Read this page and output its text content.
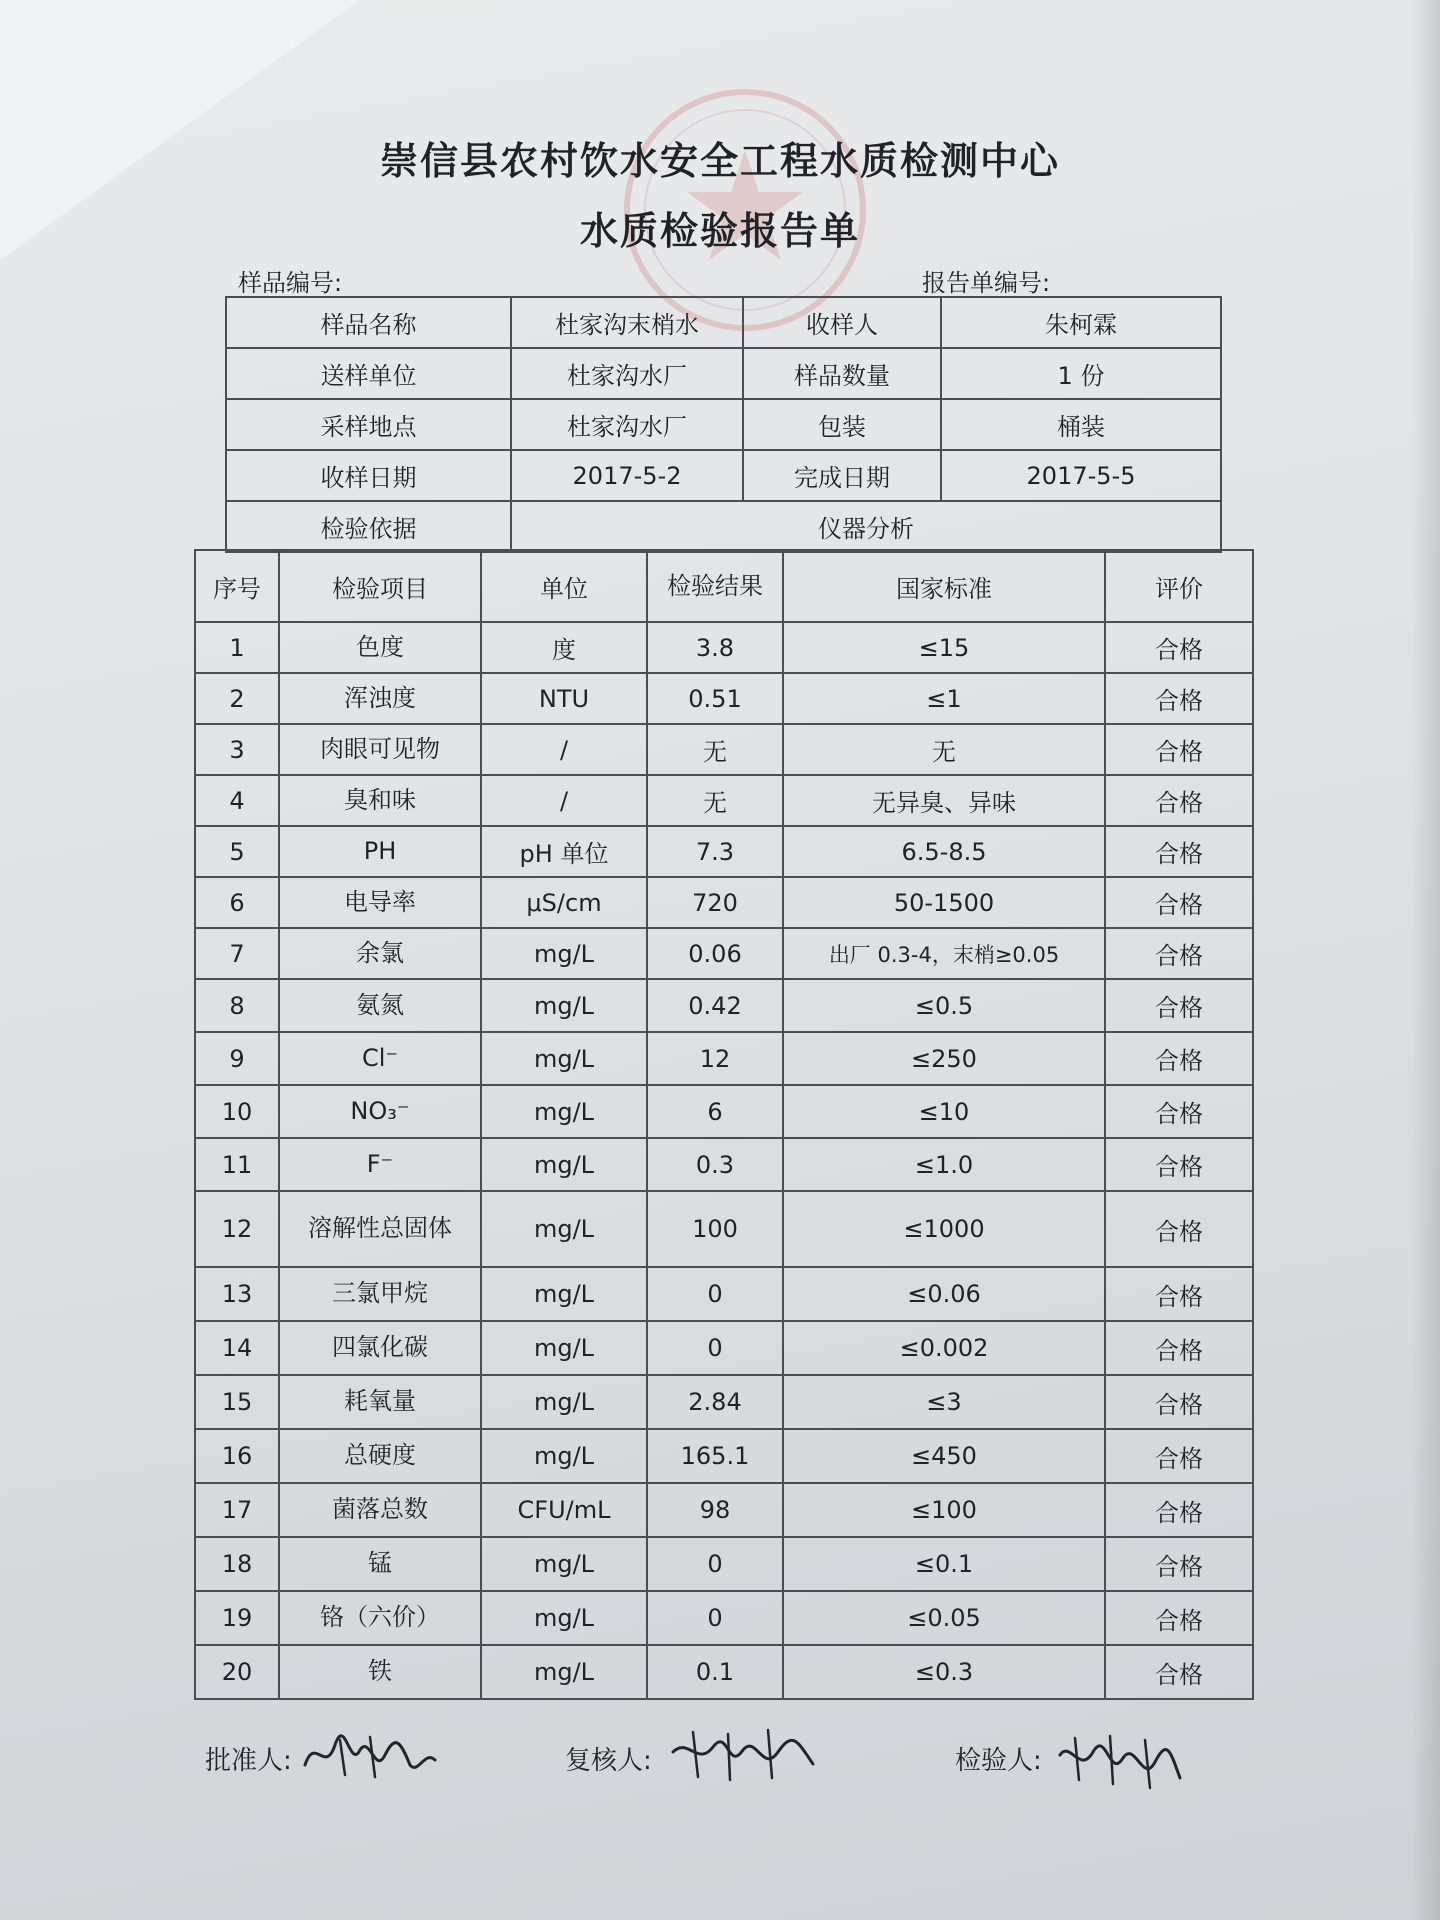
崇信县农村饮水安全工程水质检测中心
水质检验报告单
样品编号:	报告单编号:
样品名称	杜家沟末梢水	收样人	朱柯霖
送样单位	杜家沟水厂	样品数量	1 份
采样地点	杜家沟水厂	包装	桶装
收样日期	2017-5-2	完成日期	2017-5-5
检验依据	仪器分析		
序号	检验项目	单位	检验结果	国家标准	评价
1	色度	度	3.8	≤15	合格
2	浑浊度	NTU	0.51	≤1	合格
3	肉眼可见物	/	无	无	合格
4	臭和味	/	无	无异臭、异味	合格
5	PH	pH 单位	7.3	6.5-8.5	合格
6	电导率	μS/cm	720	50-1500	合格
7	余氯	mg/L	0.06	出厂 0.3-4，末梢≥0.05	合格
8	氨氮	mg/L	0.42	≤0.5	合格
9	Cl⁻	mg/L	12	≤250	合格
10	NO₃⁻	mg/L	6	≤10	合格
11	F⁻	mg/L	0.3	≤1.0	合格
12	溶解性总固体	mg/L	100	≤1000	合格
13	三氯甲烷	mg/L	0	≤0.06	合格
14	四氯化碳	mg/L	0	≤0.002	合格
15	耗氧量	mg/L	2.84	≤3	合格
16	总硬度	mg/L	165.1	≤450	合格
17	菌落总数	CFU/mL	98	≤100	合格
18	锰	mg/L	0	≤0.1	合格
19	铬（六价）	mg/L	0	≤0.05	合格
20	铁	mg/L	0.1	≤0.3	合格
批准人:	复核人:	检验人:
